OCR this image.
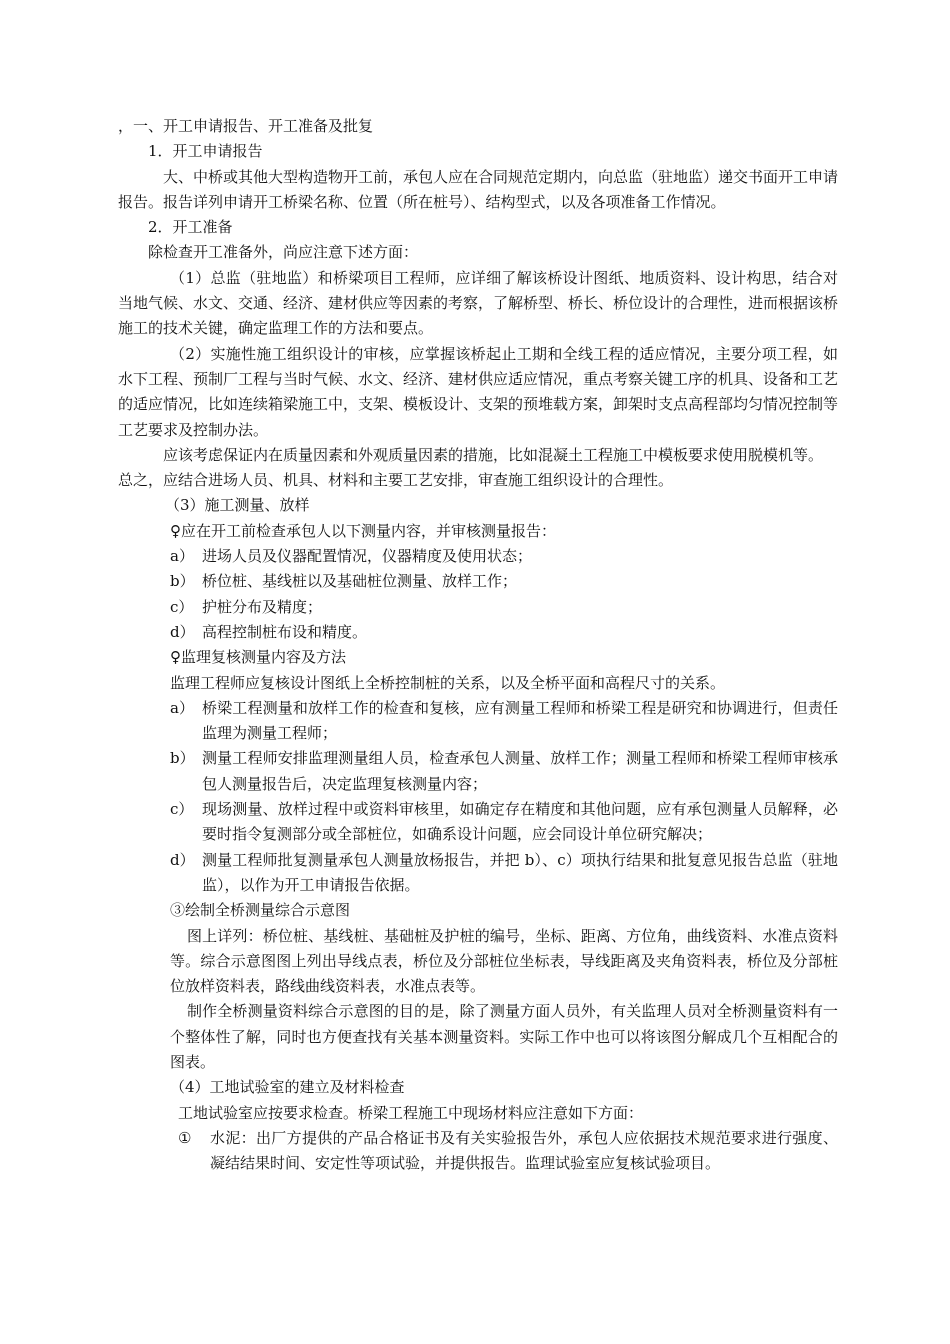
，一、开工申请报告、开工准备及批复
1．开工申请报告
大、中桥或其他大型构造物开工前，承包人应在合同规范定期内，向总监（驻地监）递交书面开工申请报告。报告详列申请开工桥梁名称、位置（所在桩号）、结构型式，以及各项准备工作情况。
2．开工准备
除检查开工准备外，尚应注意下述方面：
（1）总监（驻地监）和桥梁项目工程师，应详细了解该桥设计图纸、地质资料、设计构思，结合对当地气候、水文、交通、经济、建材供应等因素的考察，了解桥型、桥长、桥位设计的合理性，进而根据该桥施工的技术关键，确定监理工作的方法和要点。
（2）实施性施工组织设计的审核，应掌握该桥起止工期和全线工程的适应情况，主要分项工程，如水下工程、预制厂工程与当时气候、水文、经济、建材供应适应情况，重点考察关键工序的机具、设备和工艺的适应情况，比如连续箱梁施工中，支架、模板设计、支架的预堆载方案，卸架时支点高程部均匀情况控制等工艺要求及控制办法。
应该考虑保证内在质量因素和外观质量因素的措施，比如混凝土工程施工中模板要求使用脱模机等。
总之，应结合进场人员、机具、材料和主要工艺安排，审查施工组织设计的合理性。
（3）施工测量、放样
♀应在开工前检查承包人以下测量内容，并审核测量报告：
a） 进场人员及仪器配置情况，仪器精度及使用状态；
b） 桥位桩、基线桩以及基础桩位测量、放样工作；
c） 护桩分布及精度；
d） 高程控制桩布设和精度。
♀监理复核测量内容及方法
监理工程师应复核设计图纸上全桥控制桩的关系，以及全桥平面和高程尺寸的关系。
a） 桥梁工程测量和放样工作的检查和复核，应有测量工程师和桥梁工程是研究和协调进行，但责任监理为测量工程师；
b） 测量工程师安排监理测量组人员，检查承包人测量、放样工作；测量工程师和桥梁工程师审核承包人测量报告后，决定监理复核测量内容；
c） 现场测量、放样过程中或资料审核里，如确定存在精度和其他问题，应有承包测量人员解释，必要时指令复测部分或全部桩位，如确系设计问题，应会同设计单位研究解决；
d） 测量工程师批复测量承包人测量放杨报告，并把 b）、c）项执行结果和批复意见报告总监（驻地监），以作为开工申请报告依据。
③绘制全桥测量综合示意图
图上详列：桥位桩、基线桩、基础桩及护桩的编号，坐标、距离、方位角，曲线资料、水准点资料等。综合示意图图上列出导线点表，桥位及分部桩位坐标表，导线距离及夹角资料表，桥位及分部桩位放样资料表，路线曲线资料表，水准点表等。
制作全桥测量资料综合示意图的目的是，除了测量方面人员外，有关监理人员对全桥测量资料有一个整体性了解，同时也方便查找有关基本测量资料。实际工作中也可以将该图分解成几个互相配合的图表。
（4）工地试验室的建立及材料检查
工地试验室应按要求检查。桥梁工程施工中现场材料应注意如下方面：
①	水泥：出厂方提供的产品合格证书及有关实验报告外，承包人应依据技术规范要求进行强度、凝结结果时间、安定性等项试验，并提供报告。监理试验室应复核试验项目。
